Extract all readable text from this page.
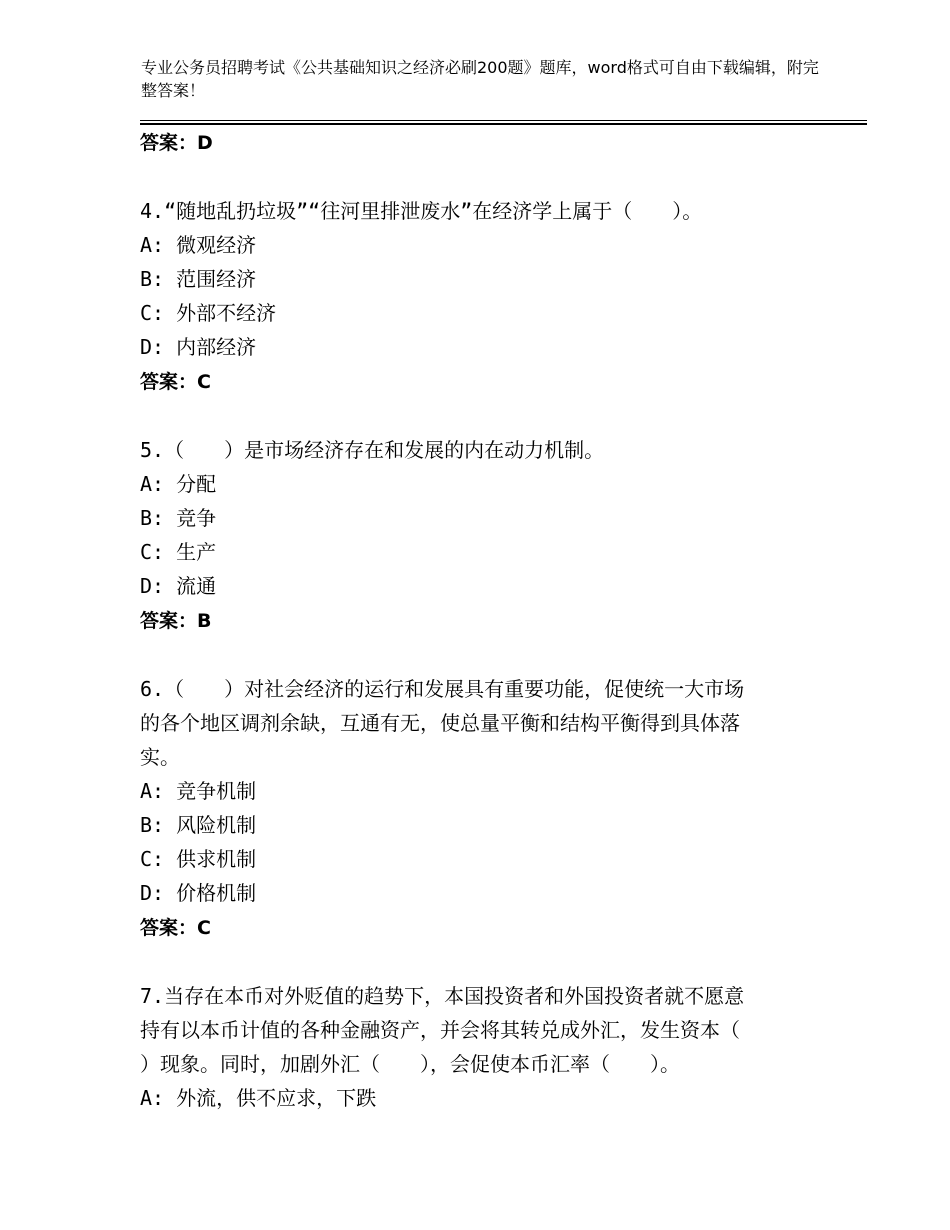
专业公务员招聘考试《公共基础知识之经济必刷200题》题库，word格式可自由下载编辑，附完整答案！
答案：D
4.“随地乱扔垃圾”“往河里排泄废水”在经济学上属于（　　）。
A: 微观经济
B: 范围经济
C: 外部不经济
D: 内部经济
答案：C
5.（　　）是市场经济存在和发展的内在动力机制。
A: 分配
B: 竞争
C: 生产
D: 流通
答案：B
6.（　　）对社会经济的运行和发展具有重要功能，促使统一大市场
的各个地区调剂余缺，互通有无，使总量平衡和结构平衡得到具体落
实。
A: 竞争机制
B: 风险机制
C: 供求机制
D: 价格机制
答案：C
7.当存在本币对外贬值的趋势下，本国投资者和外国投资者就不愿意
持有以本币计值的各种金融资产，并会将其转兑成外汇，发生资本（
）现象。同时，加剧外汇（　　），会促使本币汇率（　　）。
A: 外流，供不应求，下跌
